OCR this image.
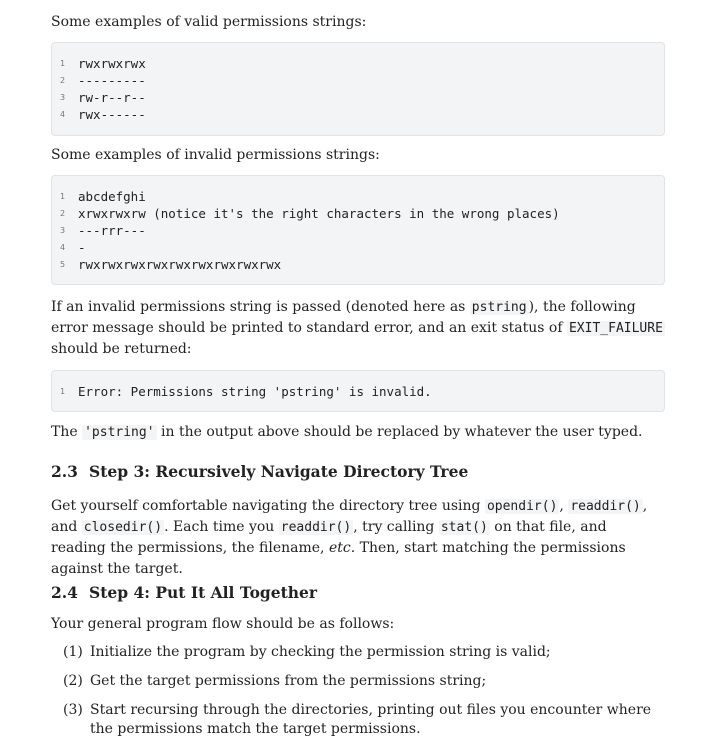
Some examples of valid permissions strings:

1	rwxrwxrwx
2	---------
3	rw-r--r--
4	rwx------

Some examples of invalid permissions strings:

1	abcdefghi
2	xrwxrwxrw (notice it's the right characters in the wrong places)
3	---rrr---
4	-
5	rwxrwxrwxrwxrwxrwxrwxrwxrwx

If an invalid permissions string is passed (denoted here as pstring ), the following error message should be printed to standard error, and an exit status of EXIT_FAILURE should be returned:

1	Error: Permissions string 'pstring' is invalid.

The 'pstring' in the output above should be replaced by whatever the user typed.

2.3 Step 3: Recursively Navigate Directory Tree

Get yourself comfortable navigating the directory tree using opendir() , readdir() , and closedir() . Each time you readdir() , try calling stat() on that file, and reading the permissions, the filename, etc. Then, start matching the permissions against the target.

2.4 Step 4: Put It All Together

Your general program flow should be as follows:

(1) Initialize the program by checking the permission string is valid;
(2) Get the target permissions from the permissions string;
(3) Start recursing through the directories, printing out files you encounter where the permissions match the target permissions.
